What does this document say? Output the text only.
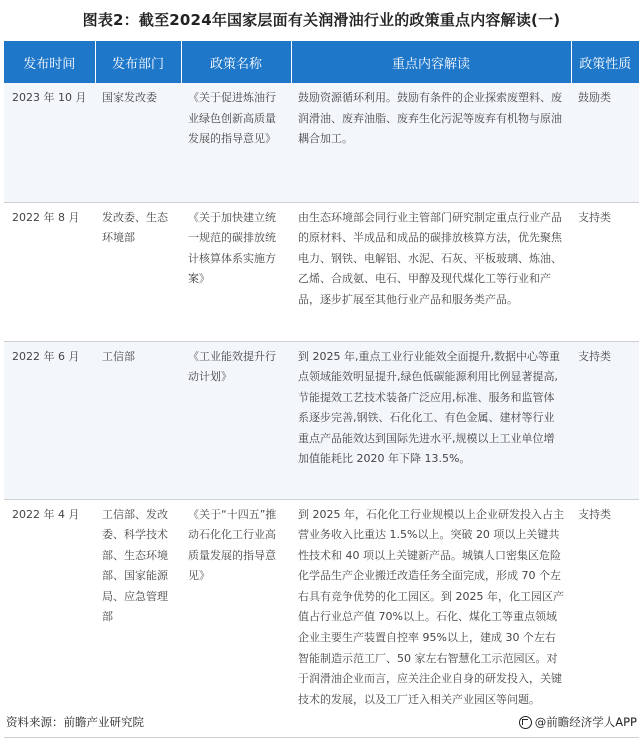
图表2：截至2024年国家层面有关润滑油行业的政策重点内容解读(一)
发布时间	发布部门	政策名称	重点内容解读	政策性质
2023 年 10 月	国家发改委	《关于促进炼油行业绿色创新高质量发展的指导意见》	鼓励资源循环利用。鼓励有条件的企业探索废塑料、废润滑油、废弃油脂、废弃生化污泥等废弃有机物与原油耦合加工。	鼓励类
2022 年 8 月	发改委、生态环境部	《关于加快建立统一规范的碳排放统计核算体系实施方案》	由生态环境部会同行业主管部门研究制定重点行业产品的原材料、半成品和成品的碳排放核算方法，优先聚焦电力、钢铁、电解铝、水泥、石灰、平板玻璃、炼油、乙烯、合成氨、电石、甲醇及现代煤化工等行业和产品，逐步扩展至其他行业产品和服务类产品。	支持类
2022 年 6 月	工信部	《工业能效提升行动计划》	到 2025 年,重点工业行业能效全面提升,数据中心等重点领域能效明显提升,绿色低碳能源利用比例显著提高,节能提效工艺技术装备广泛应用,标准、服务和监管体系逐步完善,钢铁、石化化工、有色金属、建材等行业重点产品能效达到国际先进水平,规模以上工业单位增加值能耗比 2020 年下降 13.5%。	支持类
2022 年 4 月	工信部、发改委、科学技术部、生态环境部、国家能源局、应急管理部	《关于“十四五”推动石化化工行业高质量发展的指导意见》	到 2025 年，石化化工行业规模以上企业研发投入占主营业务收入比重达 1.5%以上。突破 20 项以上关键共性技术和 40 项以上关键新产品。城镇人口密集区危险化学品生产企业搬迁改造任务全面完成，形成 70 个左右具有竞争优势的化工园区。到 2025 年，化工园区产值占行业总产值 70%以上。石化、煤化工等重点领域企业主要生产装置自控率 95%以上，建成 30 个左右智能制造示范工厂、50 家左右智慧化工示范园区。对于润滑油企业而言，应关注企业自身的研发投入，关键技术的发展，以及工厂迁入相关产业园区等问题。	支持类
资料来源：前瞻产业研究院	@前瞻经济学人APP
